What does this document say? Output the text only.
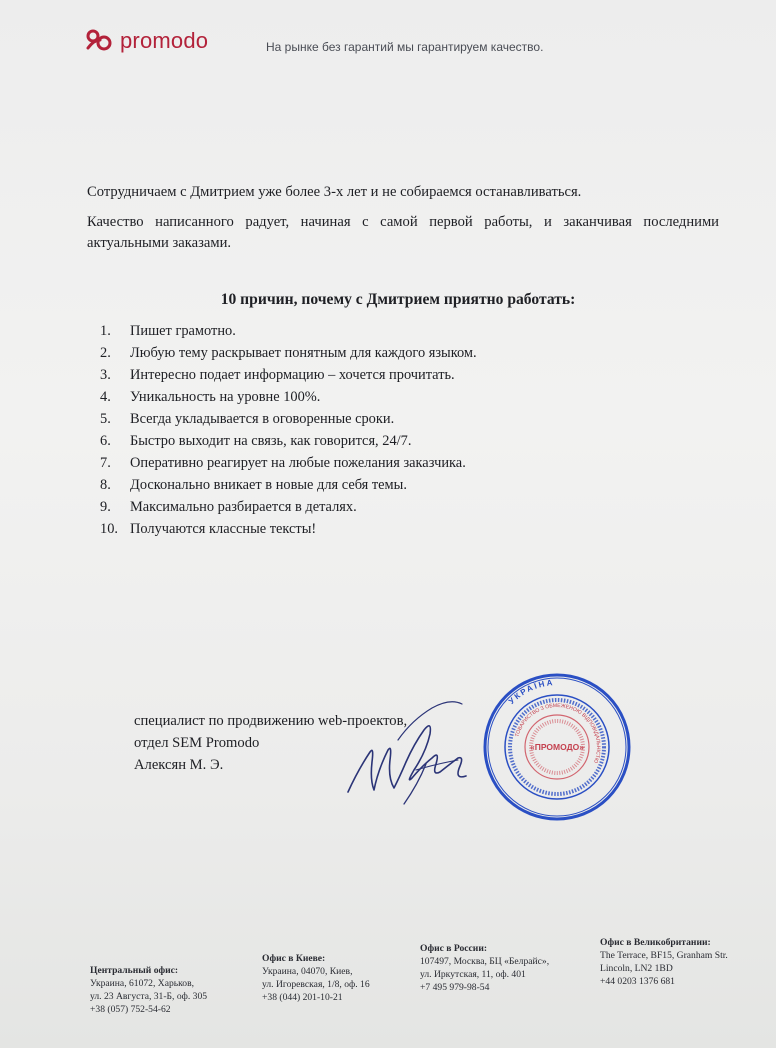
promodo	На рынке без гарантий мы гарантируем качество.
Сотрудничаем с Дмитрием уже более 3-х лет и не собираемся останавливаться.
Качество написанного радует, начиная с самой первой работы, и заканчивая последними актуальными заказами.
10 причин, почему с Дмитрием приятно работать:
1. Пишет грамотно.
2. Любую тему раскрывает понятным для каждого языком.
3. Интересно подает информацию – хочется прочитать.
4. Уникальность на уровне 100%.
5. Всегда укладывается в оговоренные сроки.
6. Быстро выходит на связь, как говорится, 24/7.
7. Оперативно реагирует на любые пожелания заказчика.
8. Досконально вникает в новые для себя темы.
9. Максимально разбирается в деталях.
10. Получаются классные тексты!
специалист по продвижению web-проектов,
отдел SEM Promodo
Алексян М. Э.
УКРАЇНА
ТОВАРИСТВО З ОБМЕЖЕНОЮ ВІДПОВІДАЛЬНІСТЮ
«ПРОМОДО»
Центральный офис:
Украина, 61072, Харьков,
ул. 23 Августа, 31-Б, оф. 305
+38 (057) 752-54-62
Офис в Киеве:
Украина, 04070, Киев,
ул. Игоревская, 1/8, оф. 16
+38 (044) 201-10-21
Офис в России:
107497, Москва, БЦ «Белрайс»,
ул. Иркутская, 11, оф. 401
+7 495 979-98-54
Офис в Великобритании:
The Terrace, BF15, Granham Str.
Lincoln, LN2 1BD
+44 0203 1376 681
